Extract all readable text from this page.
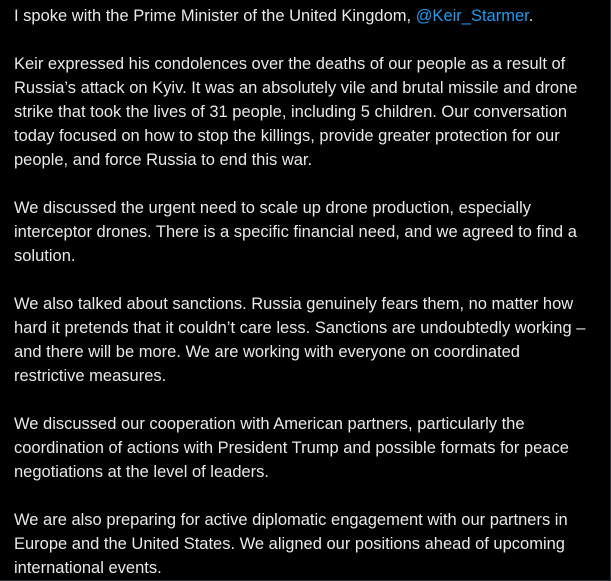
I spoke with the Prime Minister of the United Kingdom, @Keir_Starmer.

Keir expressed his condolences over the deaths of our people as a result of Russia’s attack on Kyiv. It was an absolutely vile and brutal missile and drone strike that took the lives of 31 people, including 5 children. Our conversation today focused on how to stop the killings, provide greater protection for our people, and force Russia to end this war.

We discussed the urgent need to scale up drone production, especially interceptor drones. There is a specific financial need, and we agreed to find a solution.

We also talked about sanctions. Russia genuinely fears them, no matter how hard it pretends that it couldn’t care less. Sanctions are undoubtedly working – and there will be more. We are working with everyone on coordinated restrictive measures.

We discussed our cooperation with American partners, particularly the coordination of actions with President Trump and possible formats for peace negotiations at the level of leaders.

We are also preparing for active diplomatic engagement with our partners in Europe and the United States. We aligned our positions ahead of upcoming international events.
